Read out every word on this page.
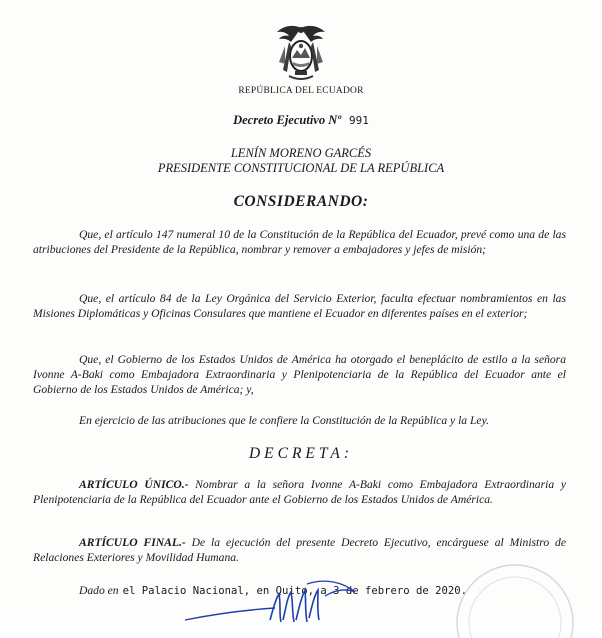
REPÚBLICA DEL ECUADOR
Decreto Ejecutivo Nº 991
LENÍN MORENO GARCÉS
PRESIDENTE CONSTITUCIONAL DE LA REPÚBLICA
CONSIDERANDO:

Que, el artículo 147 numeral 10 de la Constitución de la República del Ecuador, prevé como una de las atribuciones del Presidente de la República, nombrar y remover a embajadores y jefes de misión;

Que, el artículo 84 de la Ley Orgánica del Servicio Exterior, faculta efectuar nombramientos en las Misiones Diplomáticas y Oficinas Consulares que mantiene el Ecuador en diferentes países en el exterior;

Que, el Gobierno de los Estados Unidos de América ha otorgado el beneplácito de estilo a la señora Ivonne A-Baki como Embajadora Extraordinaria y Plenipotenciaria de la República del Ecuador ante el Gobierno de los Estados Unidos de América; y,

En ejercicio de las atribuciones que le confiere la Constitución de la República y la Ley.

DECRETA:

ARTÍCULO ÚNICO.- Nombrar a la señora Ivonne A-Baki como Embajadora Extraordinaria y Plenipotenciaria de la República del Ecuador ante el Gobierno de los Estados Unidos de América.

ARTÍCULO FINAL.- De la ejecución del presente Decreto Ejecutivo, encárguese al Ministro de Relaciones Exteriores y Movilidad Humana.

Dado en el Palacio Nacional, en Quito, a 3 de febrero de 2020.
